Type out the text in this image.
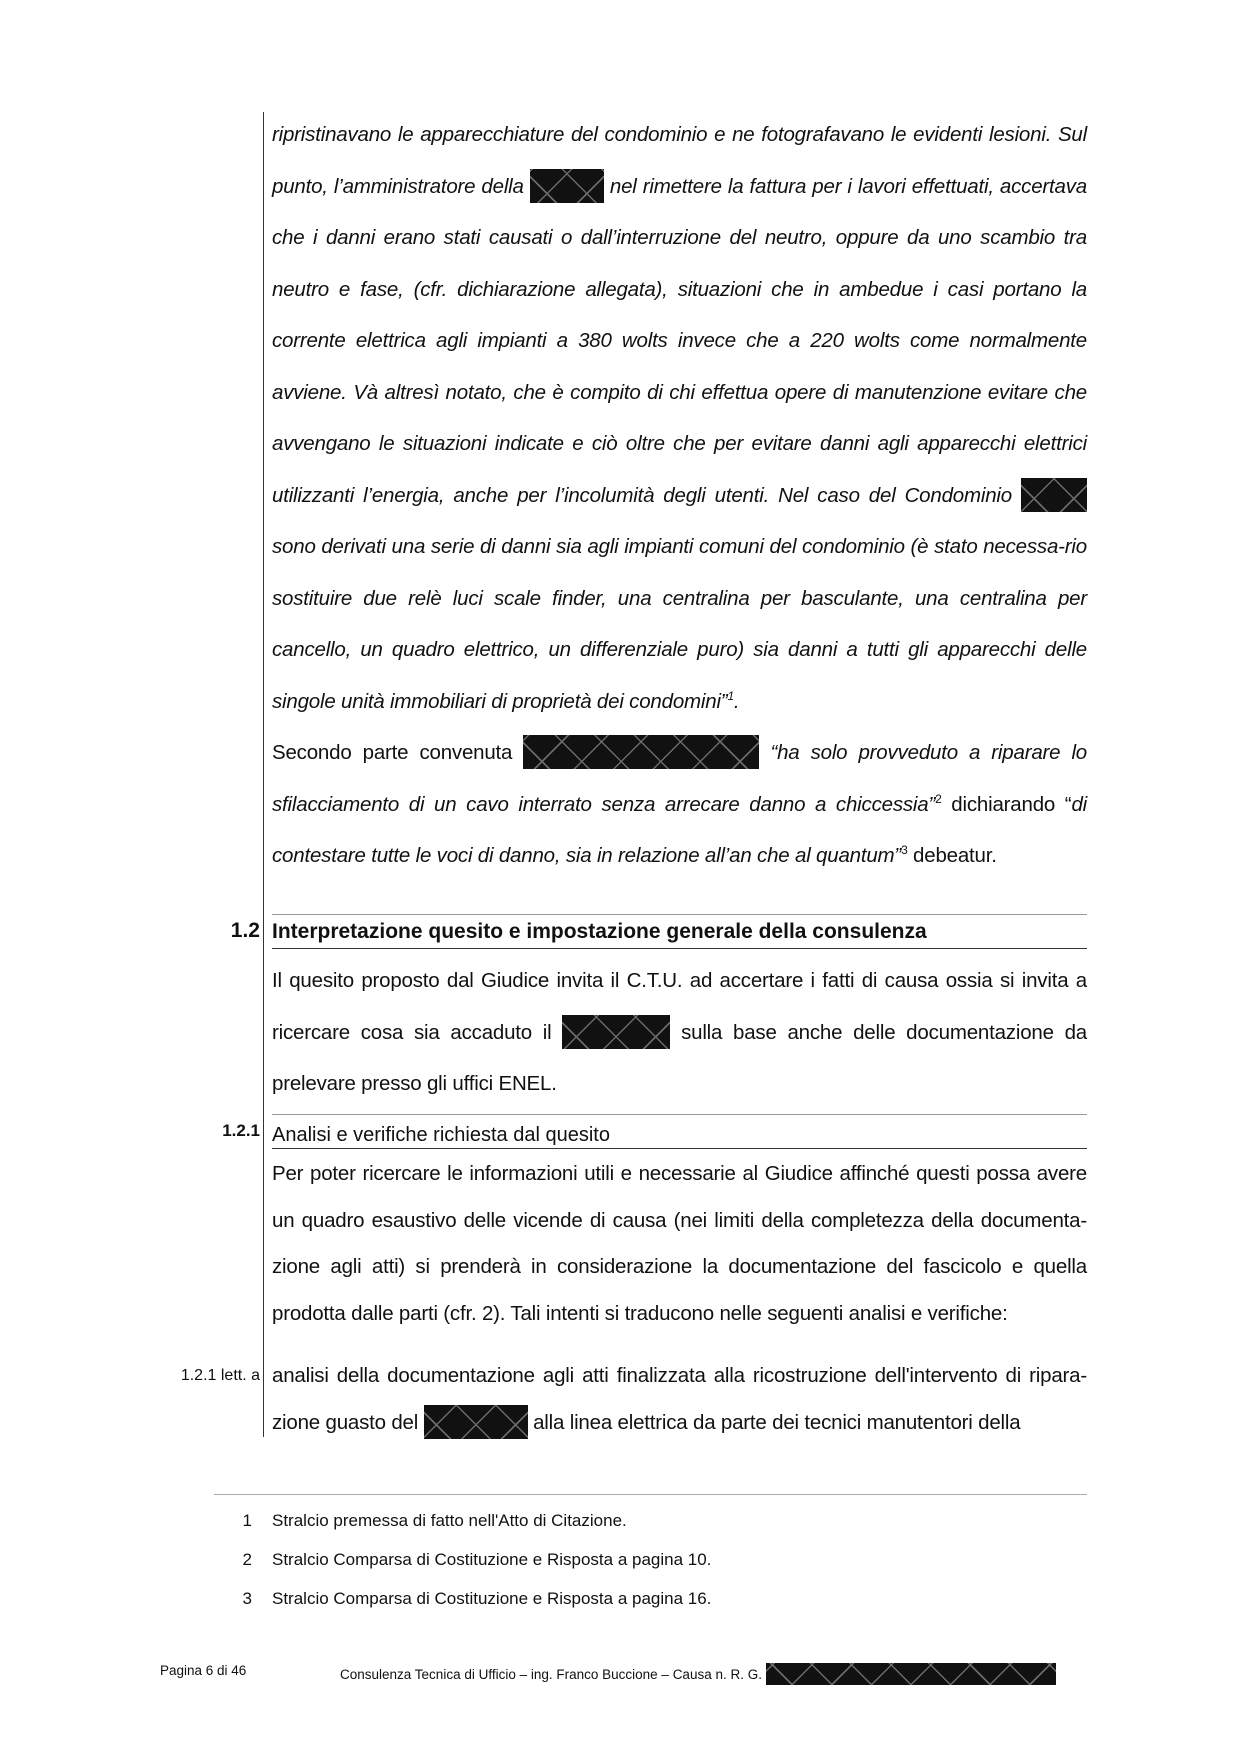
ripristinavano le apparecchiature del condominio e ne fotografavano le evidenti lesioni. Sul punto, l’amministratore della	nel rimettere la fattura per i lavori effettuati, accertava che i danni erano stati causati o dall’interruzione del neutro, oppure da uno scambio tra neutro e fase, (cfr. dichiarazione allegata), situazioni che in ambedue i casi portano la corrente elettrica agli impianti a 380 wolts invece che a 220 wolts come normalmente avviene. Và altresì notato, che è compito di chi effettua opere di manutenzione evitare che avvengano le situazioni indicate e ciò oltre che per evitare danni agli apparecchi elettrici utilizzanti l’energia, anche per l’incolumità degli utenti. Nel caso del Condominio  sono derivati una serie di danni sia agli impianti comuni del condominio (è stato necessa-rio sostituire due relè luci scale finder, una centralina per basculante, una centralina per cancello, un quadro elettrico, un differenziale puro) sia danni a tutti gli apparecchi delle singole unità immobiliari di proprietà dei condomini”$^1$.

Secondo parte convenuta	“ha solo provveduto a riparare lo sfilacciamento di un cavo interrato senza arrecare danno a chiccessia”$^2$ dichiarando “di contestare tutte le voci di danno, sia in relazione all’an che al quantum”$^3$ debeatur.

1.2 Interpretazione quesito e impostazione generale della consulenza

Il quesito proposto dal Giudice invita il C.T.U. ad accertare i fatti di causa ossia si invita a ricercare cosa sia accaduto il	sulla base anche delle documentazione da prelevare presso gli uffici ENEL.

1.2.1 Analisi e verifiche richiesta dal quesito

Per poter ricercare le informazioni utili e necessarie al Giudice affinché questi possa avere un quadro esaustivo delle vicende di causa (nei limiti della completezza della documenta-zione agli atti) si prenderà in considerazione la documentazione del fascicolo e quella prodotta dalle parti (cfr. 2). Tali intenti si traducono nelle seguenti analisi e verifiche:

1.2.1 lett. a analisi della documentazione agli atti finalizzata alla ricostruzione dell'intervento di ripara-zione guasto del	alla linea elettrica da parte dei tecnici manutentori della

1 Stralcio premessa di fatto nell'Atto di Citazione.
2 Stralcio Comparsa di Costituzione e Risposta a pagina 10.
3 Stralcio Comparsa di Costituzione e Risposta a pagina 16.
Pagina 6 di 46	Consulenza Tecnica di Ufficio – ing. Franco Buccione – Causa n. R. G.
